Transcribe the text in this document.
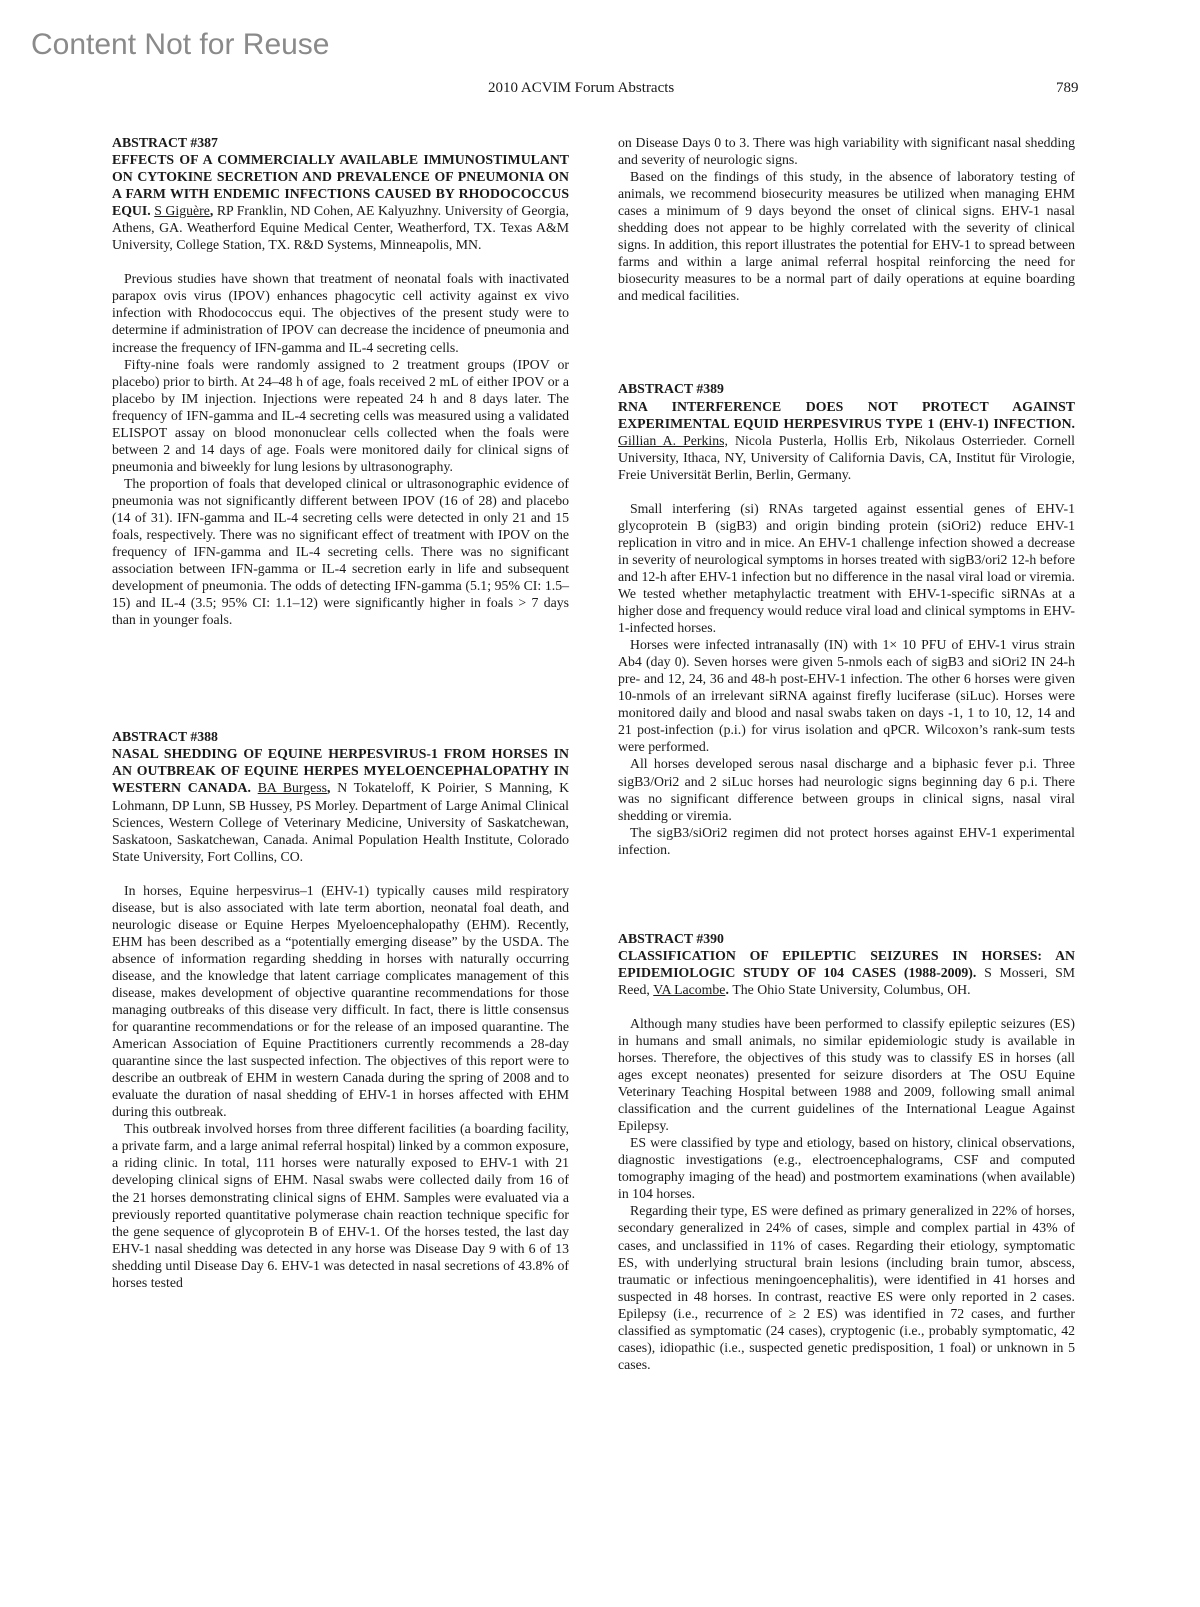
Content Not for Reuse
2010 ACVIM Forum Abstracts	789
ABSTRACT #387
EFFECTS OF A COMMERCIALLY AVAILABLE IMMUNOSTIMULANT ON CYTOKINE SECRETION AND PREVALENCE OF PNEUMONIA ON A FARM WITH ENDEMIC INFECTIONS CAUSED BY RHODOCOCCUS EQUI. S Giguère, RP Franklin, ND Cohen, AE Kalyuzhny. University of Georgia, Athens, GA. Weatherford Equine Medical Center, Weatherford, TX. Texas A&M University, College Station, TX. R&D Systems, Minneapolis, MN.

Previous studies have shown that treatment of neonatal foals with inactivated parapox ovis virus (IPOV) enhances phagocytic cell activity against ex vivo infection with Rhodococcus equi. The objectives of the present study were to determine if administration of IPOV can decrease the incidence of pneumonia and increase the frequency of IFN-gamma and IL-4 secreting cells.

Fifty-nine foals were randomly assigned to 2 treatment groups (IPOV or placebo) prior to birth. At 24–48 h of age, foals received 2 mL of either IPOV or a placebo by IM injection. Injections were repeated 24 h and 8 days later. The frequency of IFN-gamma and IL-4 secreting cells was measured using a validated ELISPOT assay on blood mononuclear cells collected when the foals were between 2 and 14 days of age. Foals were monitored daily for clinical signs of pneumonia and biweekly for lung lesions by ultrasonography.

The proportion of foals that developed clinical or ultrasonographic evidence of pneumonia was not significantly different between IPOV (16 of 28) and placebo (14 of 31). IFN-gamma and IL-4 secreting cells were detected in only 21 and 15 foals, respectively. There was no significant effect of treatment with IPOV on the frequency of IFN-gamma and IL-4 secreting cells. There was no significant association between IFN-gamma or IL-4 secretion early in life and subsequent development of pneumonia. The odds of detecting IFN-gamma (5.1; 95% CI: 1.5–15) and IL-4 (3.5; 95% CI: 1.1–12) were significantly higher in foals > 7 days than in younger foals.

ABSTRACT #388
NASAL SHEDDING OF EQUINE HERPESVIRUS-1 FROM HORSES IN AN OUTBREAK OF EQUINE HERPES MYELOENCEPHALOPATHY IN WESTERN CANADA. BA Burgess, N Tokateloff, K Poirier, S Manning, K Lohmann, DP Lunn, SB Hussey, PS Morley. Department of Large Animal Clinical Sciences, Western College of Veterinary Medicine, University of Saskatchewan, Saskatoon, Saskatchewan, Canada. Animal Population Health Institute, Colorado State University, Fort Collins, CO.

In horses, Equine herpesvirus–1 (EHV-1) typically causes mild respiratory disease, but is also associated with late term abortion, neonatal foal death, and neurologic disease or Equine Herpes Myeloencephalopathy (EHM). Recently, EHM has been described as a “potentially emerging disease” by the USDA. The absence of information regarding shedding in horses with naturally occurring disease, and the knowledge that latent carriage complicates management of this disease, makes development of objective quarantine recommendations for those managing outbreaks of this disease very difficult. In fact, there is little consensus for quarantine recommendations or for the release of an imposed quarantine. The American Association of Equine Practitioners currently recommends a 28-day quarantine since the last suspected infection. The objectives of this report were to describe an outbreak of EHM in western Canada during the spring of 2008 and to evaluate the duration of nasal shedding of EHV-1 in horses affected with EHM during this outbreak.

This outbreak involved horses from three different facilities (a boarding facility, a private farm, and a large animal referral hospital) linked by a common exposure, a riding clinic. In total, 111 horses were naturally exposed to EHV-1 with 21 developing clinical signs of EHM. Nasal swabs were collected daily from 16 of the 21 horses demonstrating clinical signs of EHM. Samples were evaluated via a previously reported quantitative polymerase chain reaction technique specific for the gene sequence of glycoprotein B of EHV-1. Of the horses tested, the last day EHV-1 nasal shedding was detected in any horse was Disease Day 9 with 6 of 13 shedding until Disease Day 6. EHV-1 was detected in nasal secretions of 43.8% of horses tested

on Disease Days 0 to 3. There was high variability with significant nasal shedding and severity of neurologic signs.

Based on the findings of this study, in the absence of laboratory testing of animals, we recommend biosecurity measures be utilized when managing EHM cases a minimum of 9 days beyond the onset of clinical signs. EHV-1 nasal shedding does not appear to be highly correlated with the severity of clinical signs. In addition, this report illustrates the potential for EHV-1 to spread between farms and within a large animal referral hospital reinforcing the need for biosecurity measures to be a normal part of daily operations at equine boarding and medical facilities.

ABSTRACT #389
RNA INTERFERENCE DOES NOT PROTECT AGAINST EXPERIMENTAL EQUID HERPESVIRUS TYPE 1 (EHV-1) INFECTION. Gillian A. Perkins, Nicola Pusterla, Hollis Erb, Nikolaus Osterrieder. Cornell University, Ithaca, NY, University of California Davis, CA, Institut für Virologie, Freie Universität Berlin, Berlin, Germany.

Small interfering (si) RNAs targeted against essential genes of EHV-1 glycoprotein B (sigB3) and origin binding protein (siOri2) reduce EHV-1 replication in vitro and in mice. An EHV-1 challenge infection showed a decrease in severity of neurological symptoms in horses treated with sigB3/ori2 12-h before and 12-h after EHV-1 infection but no difference in the nasal viral load or viremia. We tested whether metaphylactic treatment with EHV-1-specific siRNAs at a higher dose and frequency would reduce viral load and clinical symptoms in EHV-1-infected horses.

Horses were infected intranasally (IN) with 1× 10 PFU of EHV-1 virus strain Ab4 (day 0). Seven horses were given 5-nmols each of sigB3 and siOri2 IN 24-h pre- and 12, 24, 36 and 48-h post-EHV-1 infection. The other 6 horses were given 10-nmols of an irrelevant siRNA against firefly luciferase (siLuc). Horses were monitored daily and blood and nasal swabs taken on days -1, 1 to 10, 12, 14 and 21 post-infection (p.i.) for virus isolation and qPCR. Wilcoxon’s rank-sum tests were performed.

All horses developed serous nasal discharge and a biphasic fever p.i. Three sigB3/Ori2 and 2 siLuc horses had neurologic signs beginning day 6 p.i. There was no significant difference between groups in clinical signs, nasal viral shedding or viremia.

The sigB3/siOri2 regimen did not protect horses against EHV-1 experimental infection.

ABSTRACT #390
CLASSIFICATION OF EPILEPTIC SEIZURES IN HORSES: AN EPIDEMIOLOGIC STUDY OF 104 CASES (1988-2009). S Mosseri, SM Reed, VA Lacombe. The Ohio State University, Columbus, OH.

Although many studies have been performed to classify epileptic seizures (ES) in humans and small animals, no similar epidemiologic study is available in horses. Therefore, the objectives of this study was to classify ES in horses (all ages except neonates) presented for seizure disorders at The OSU Equine Veterinary Teaching Hospital between 1988 and 2009, following small animal classification and the current guidelines of the International League Against Epilepsy.

ES were classified by type and etiology, based on history, clinical observations, diagnostic investigations (e.g., electroencephalograms, CSF and computed tomography imaging of the head) and postmortem examinations (when available) in 104 horses.

Regarding their type, ES were defined as primary generalized in 22% of horses, secondary generalized in 24% of cases, simple and complex partial in 43% of cases, and unclassified in 11% of cases. Regarding their etiology, symptomatic ES, with underlying structural brain lesions (including brain tumor, abscess, traumatic or infectious meningoencephalitis), were identified in 41 horses and suspected in 48 horses. In contrast, reactive ES were only reported in 2 cases. Epilepsy (i.e., recurrence of ≥ 2 ES) was identified in 72 cases, and further classified as symptomatic (24 cases), cryptogenic (i.e., probably symptomatic, 42 cases), idiopathic (i.e., suspected genetic predisposition, 1 foal) or unknown in 5 cases.
